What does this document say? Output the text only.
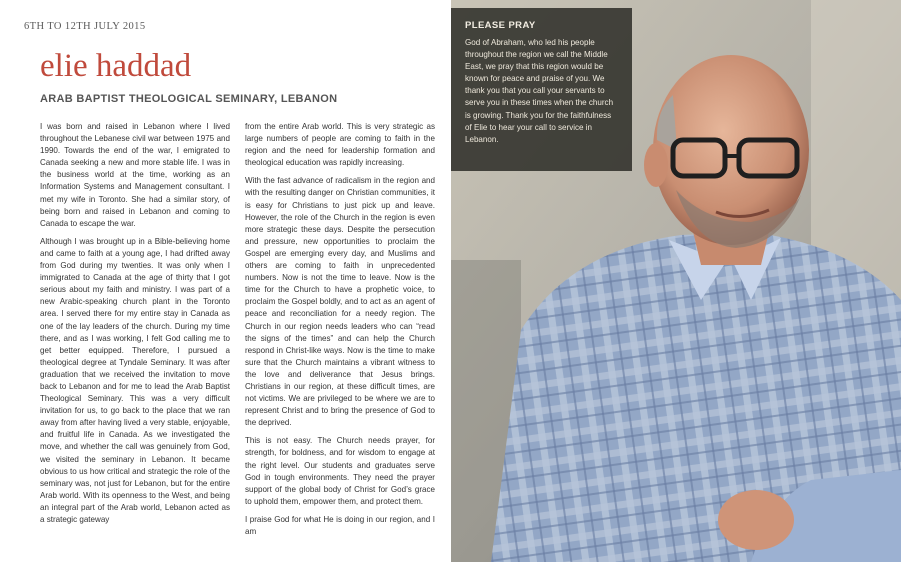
6TH TO 12TH JULY 2015
elie haddad
ARAB BAPTIST THEOLOGICAL SEMINARY, LEBANON

I was born and raised in Lebanon where I lived throughout the Lebanese civil war between 1975 and 1990. Towards the end of the war, I emigrated to Canada seeking a new and more stable life. I was in the business world at the time, working as an Information Systems and Management consultant. I met my wife in Toronto. She had a similar story, of being born and raised in Lebanon and coming to Canada to escape the war.

Although I was brought up in a Bible-believing home and came to faith at a young age, I had drifted away from God during my twenties. It was only when I immigrated to Canada at the age of thirty that I got serious about my faith and ministry. I was part of a new Arabic-speaking church plant in the Toronto area. I served there for my entire stay in Canada as one of the lay leaders of the church. During my time there, and as I was working, I felt God calling me to get better equipped. Therefore, I pursued a theological degree at Tyndale Seminary. It was after graduation that we received the invitation to move back to Lebanon and for me to lead the Arab Baptist Theological Seminary. This was a very difficult invitation for us, to go back to the place that we ran away from after having lived a very stable, enjoyable, and fruitful life in Canada. As we investigated the move, and whether the call was genuinely from God, we visited the seminary in Lebanon. It became obvious to us how critical and strategic the role of the seminary was, not just for Lebanon, but for the entire Arab world. With its openness to the West, and being an integral part of the Arab world, Lebanon acted as a strategic gateway

from the entire Arab world. This is very strategic as large numbers of people are coming to faith in the region and the need for leadership formation and theological education was rapidly increasing.

With the fast advance of radicalism in the region and with the resulting danger on Christian communities, it is easy for Christians to just pick up and leave. However, the role of the Church in the region is even more strategic these days. Despite the persecution and pressure, new opportunities to proclaim the Gospel are emerging every day, and Muslims and others are coming to faith in unprecedented numbers. Now is not the time to leave. Now is the time for the Church to have a prophetic voice, to proclaim the Gospel boldly, and to act as an agent of peace and reconciliation for a needy region. The Church in our region needs leaders who can “read the signs of the times” and can help the Church respond in Christ-like ways. Now is the time to make sure that the Church maintains a vibrant witness to the love and deliverance that Jesus brings. Christians in our region, at these difficult times, are not victims. We are privileged to be where we are to represent Christ and to bring the presence of God to the deprived.

This is not easy. The Church needs prayer, for strength, for boldness, and for wisdom to engage at the right level. Our students and graduates serve God in tough environments. They need the prayer support of the global body of Christ for God’s grace to uphold them, empower them, and protect them.

I praise God for what He is doing in our region, and I am

PLEASE PRAY
God of Abraham, who led his people throughout the region we call the Middle East, we pray that this region would be known for peace and praise of you. We thank you that you call your servants to serve you in these times when the church is growing. Thank you for the faithfulness of Elie to hear your call to service in Lebanon.
